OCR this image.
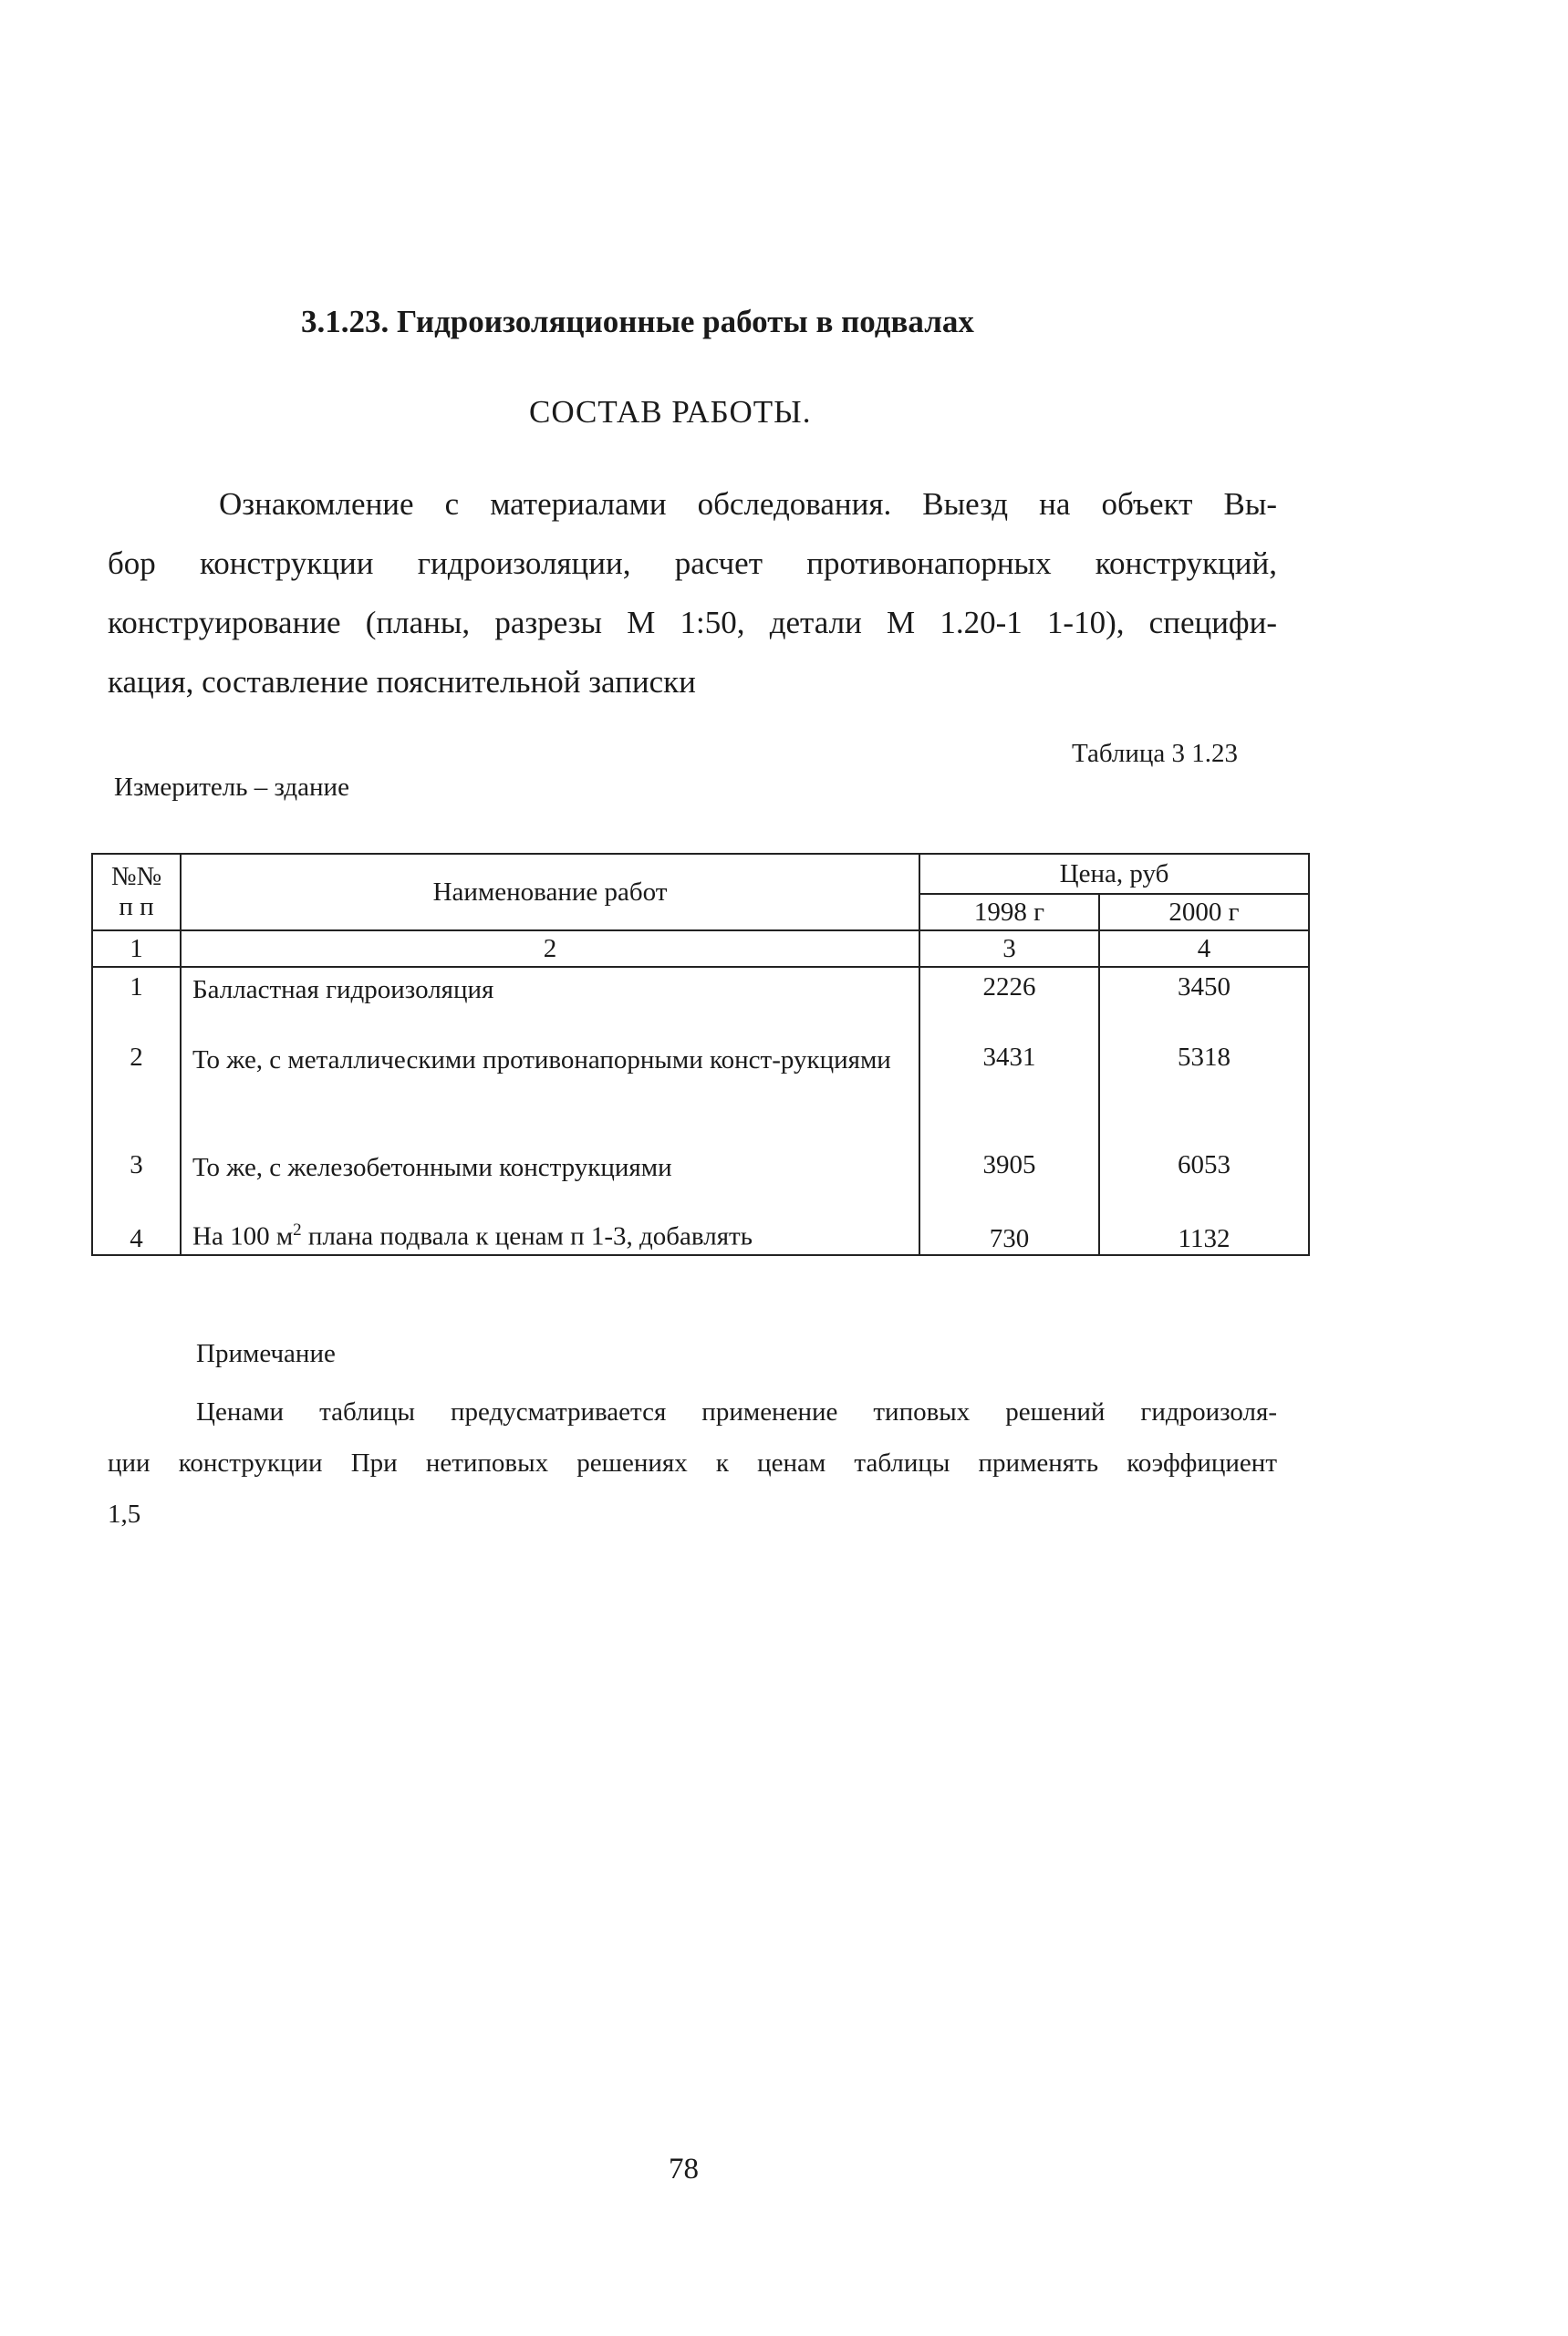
3.1.23. Гидроизоляционные работы в подвалах
СОСТАВ РАБОТЫ.
Ознакомление с материалами обследования. Выезд на объект Вы-
бор конструкции гидроизоляции, расчет противонапорных конструкций,
конструирование (планы, разрезы М 1:50, детали М 1.20-1 1-10), специфи-
кация, составление пояснительной записки
Таблица 3 1.23
Измеритель – здание
№№
п п	Наименование работ	Цена, руб	
		1998 г	2000 г
1	2	3	4
1	Балластная гидроизоляция	2226	3450
2	То же, с металлическими противонапорными конст-рукциями	3431	5318
3	То же, с железобетонными конструкциями	3905	6053
4	На 100 $м^2$ плана подвала к ценам п 1-3, добавлять	730	1132
Примечание
Ценами таблицы предусматривается применение типовых решений гидроизоля-
ции конструкции При нетиповых решениях к ценам таблицы применять коэффициент
1,5
78
